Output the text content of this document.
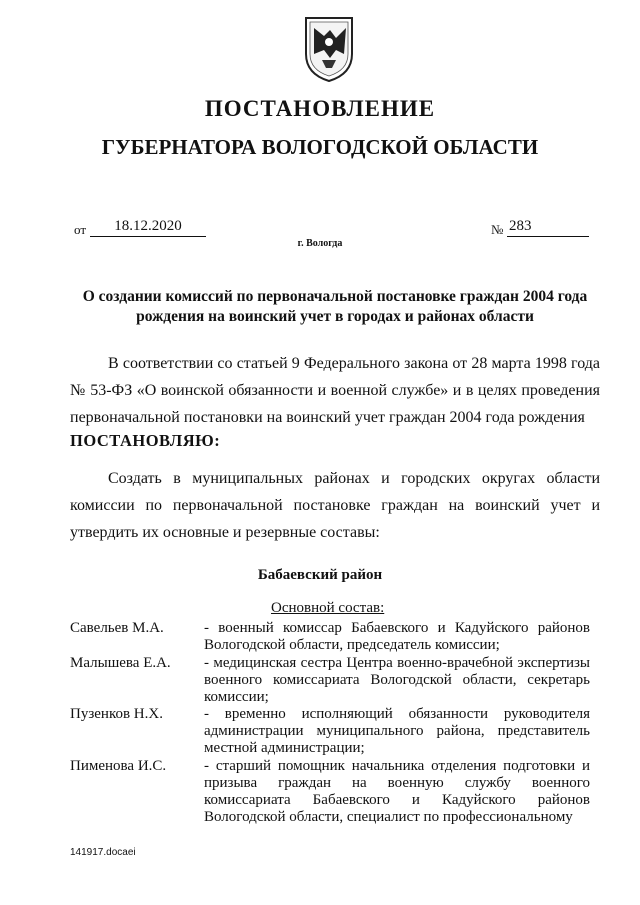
ПОСТАНОВЛЕНИЕ
ГУБЕРНАТОРА ВОЛОГОДСКОЙ ОБЛАСТИ
от	18.12.2020	№ 283
г. Вологда
О создании комиссий по первоначальной постановке граждан 2004 года рождения на воинский учет в городах и районах области
В соответствии со статьей 9 Федерального закона от 28 марта 1998 года № 53-ФЗ «О воинской обязанности и военной службе» и в целях проведения первоначальной постановки на воинский учет граждан 2004 года рождения
ПОСТАНОВЛЯЮ:
Создать в муниципальных районах и городских округах области комиссии по первоначальной постановке граждан на воинский учет и утвердить их основные и резервные составы:
Бабаевский район
Основной состав:
Савельев М.А.	- военный комиссар Бабаевского и Кадуйского районов Вологодской области, председатель комиссии;
Малышева Е.А. - медицинская сестра Центра военно-врачебной экспертизы военного комиссариата Вологодской области, секретарь комиссии;
Пузенков Н.Х.	- временно исполняющий обязанности руководителя администрации муниципального района, представитель местной администрации;
Пименова И.С.	- старший помощник начальника отделения подготовки и призыва граждан на военную службу военного комиссариата Бабаевского и Кадуйского районов Вологодской области, специалист по профессиональному
141917.docaei
